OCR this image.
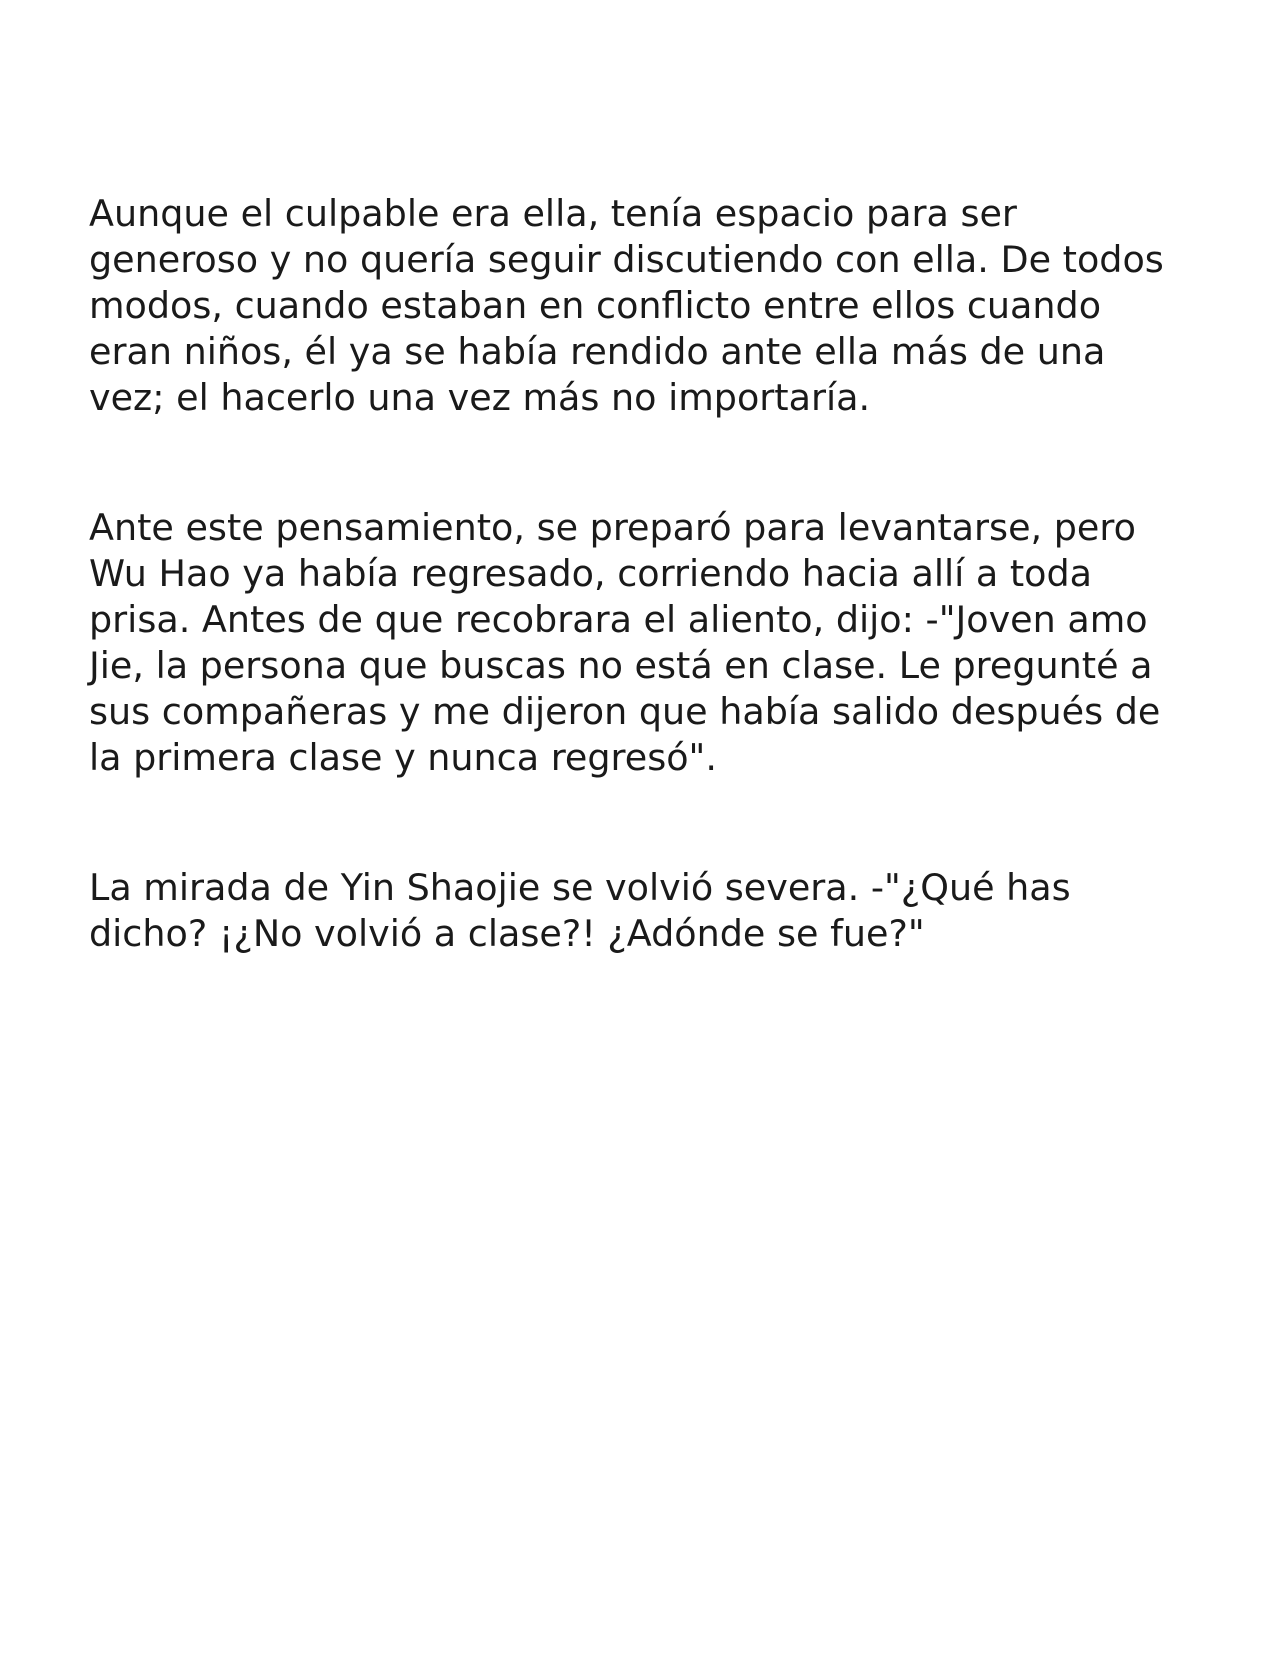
Aunque el culpable era ella, tenía espacio para ser
generoso y no quería seguir discutiendo con ella. De todos
modos, cuando estaban en conflicto entre ellos cuando
eran niños, él ya se había rendido ante ella más de una
vez; el hacerlo una vez más no importaría.
Ante este pensamiento, se preparó para levantarse, pero
Wu Hao ya había regresado, corriendo hacia allí a toda
prisa. Antes de que recobrara el aliento, dijo: -"Joven amo
Jie, la persona que buscas no está en clase. Le pregunté a
sus compañeras y me dijeron que había salido después de
la primera clase y nunca regresó".
La mirada de Yin Shaojie se volvió severa. -"¿Qué has
dicho? ¡¿No volvió a clase?! ¿Adónde se fue?"
